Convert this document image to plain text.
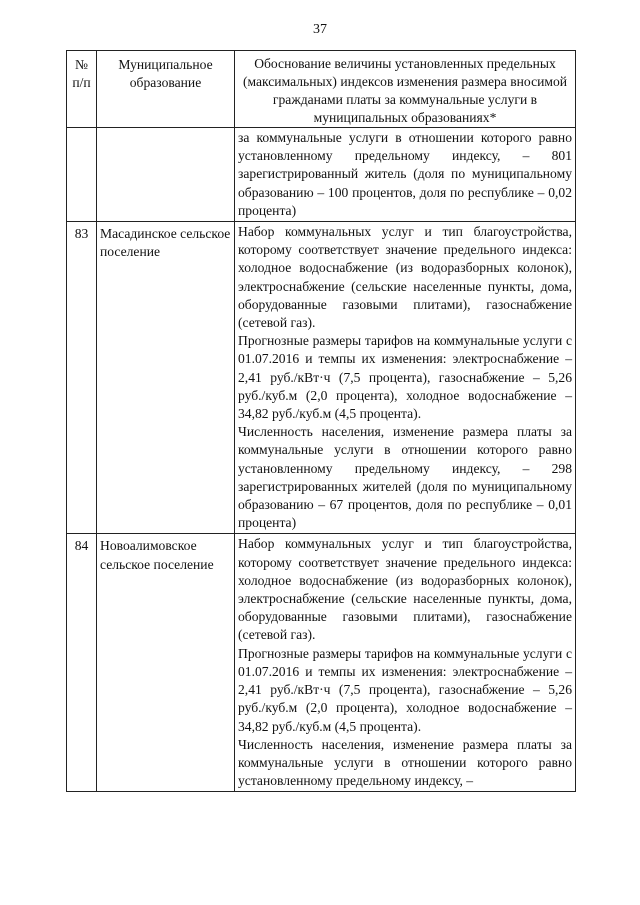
37
№ п/п	Муниципальное образование	Обоснование величины установленных предельных (максимальных) индексов изменения размера вносимой гражданами платы за коммунальные услуги в муниципальных образованиях*

		за коммунальные услуги в отношении которого равно установленному предельному индексу, – 801 зарегистрированный житель (доля по муниципальному образованию – 100 процентов, доля по республике – 0,02 процента)

83	Масадинское сельское поселение	Набор коммунальных услуг и тип благоустройства, которому соответствует значение предельного индекса: холодное водоснабжение (из водоразборных колонок), электроснабжение (сельские населенные пункты, дома, оборудованные газовыми плитами), газоснабжение (сетевой газ).

Прогнозные размеры тарифов на коммунальные услуги с 01.07.2016 и темпы их изменения: электроснабжение – 2,41 руб./кВт·ч (7,5 процента), газоснабжение – 5,26 руб./куб.м (2,0 процента), холодное водоснабжение – 34,82 руб./куб.м (4,5 процента).

Численность населения, изменение размера платы за коммунальные услуги в отношении которого равно установленному предельному индексу, – 298 зарегистрированных жителей (доля по муниципальному образованию – 67 процентов, доля по республике – 0,01 процента)

84	Новоалимовское сельское поселение	Набор коммунальных услуг и тип благоустройства, которому соответствует значение предельного индекса: холодное водоснабжение (из водоразборных колонок), электроснабжение (сельские населенные пункты, дома, оборудованные газовыми плитами), газоснабжение (сетевой газ).

Прогнозные размеры тарифов на коммунальные услуги с 01.07.2016 и темпы их изменения: электроснабжение – 2,41 руб./кВт·ч (7,5 процента), газоснабжение – 5,26 руб./куб.м (2,0 процента), холодное водоснабжение – 34,82 руб./куб.м (4,5 процента).

Численность населения, изменение размера платы за коммунальные услуги в отношении которого равно установленному предельному индексу, –
